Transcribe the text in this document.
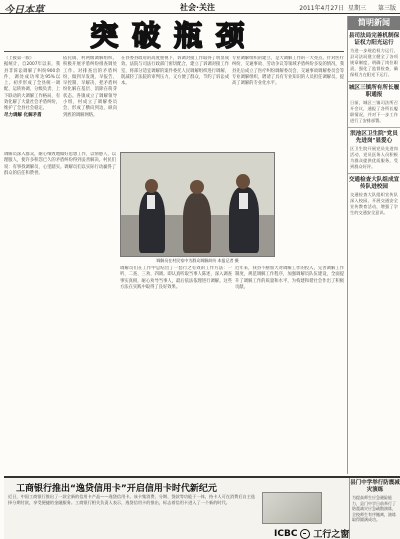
今日本草	社会·关注	2011年4月27日 星期三 第三版
突破瓶颈
（上接第一版）
据统计，自2007年以来，我县非诉讼调解了纠纷900余件，调处成功率达95%以上。初步形成了全县统一调配、运转协调、分级负责、上下联动的大调解工作格局，有效化解了大量社会矛盾纠纷，维护了全县社会稳定。
尽力调解 化解矛盾
依托镇、村两级调解组织，积极开展矛盾纠纷排查调处工作。对排查出的矛盾纠纷，做到早发现、早报告、早控制、早解决，把矛盾纠纷化解在基层、消除在萌芽状态。各镇成立了调解领导小组，村成立了调解委员会，形成了横向到边、纵向到底的调解网络。
在县委县政府的高度重视下，诉调对接工作取得了明显成效。法院与司法行政部门密切配合，建立了诉调对接工作室，将部分适宜调解的案件委托人民调解组织进行调解，既减轻了法院的审判压力，又方便了群众，节约了诉讼成本。
专业调解组织的建立，是大调解工作的一大亮点。针对医疗纠纷、交通事故、劳动争议等领域矛盾纠纷多发的情况，我县先后成立了医疗纠纷调解委员会、交通事故调解委员会等专业调解组织，聘请了具有专业知识的人员担任调解员，提高了调解的专业化水平。
调解员在村民家中为群众调解纠纷 本报记者 摄
调解员深入群众，耐心细致地做好思想工作，以情感人、以理服人，使许多积怨已久的矛盾纠纷得到妥善解决。村民们说：有事找调解员，心里踏实。调解员们以实际行动赢得了群众的信任和赞誉。
调解员们在工作中总结出了一套行之有效的工作方法：一听、二查、三劝、四调。即认真听取当事人陈述，深入调查事实真相，耐心劝导当事人，最后依法依理进行调解。这些方法在实践中取得了良好效果。
近年来，我县不断加大对调解工作的投入，完善调解工作制度，规范调解工作程序，加强调解员队伍建设，全面提升了调解工作的质量和水平，为构建和谐社会作出了积极贡献。
简明新闻
县司法局完善机制保证权力阳光运行
为进一步规范权力运行，县司法局建立健全了各项规章制度，明确了岗位职责，强化了监督检查，确保权力在阳光下运行。
城区三镇所有所长履职通报
日前，城区三镇司法所召开会议，通报了各所长履职情况，并对下一步工作进行了安排部署。
泯池区卫生院"党员先进岗"显爱心
区卫生院开展党员先进岗活动，党员医务人员积极为群众提供优质服务，受到群众好评。
交通检查大队组成宣传队进校园
交通检查大队组织宣传队深入校园，开展交通安全宣传教育活动，增强了学生的交通安全意识。
工商银行推出“逸贷信用卡”开启信用卡时代新纪元
近日，中国工商银行推出了一款全新的信用卡产品——逸贷信用卡。该卡集消费、分期、贷款等功能于一体，持卡人可在消费后自主选择分期付款，享受便捷的金融服务。工商银行相关负责人表示，逸贷信用卡的推出，标志着信用卡进入了一个新的时代。
ICBC 工行之窗
县门中学举行防震减灾演练
为提高师生应急避险能力，县门中学日前举行了防震减灾应急疏散演练，全校师生有序撤离，演练取得圆满成功。
